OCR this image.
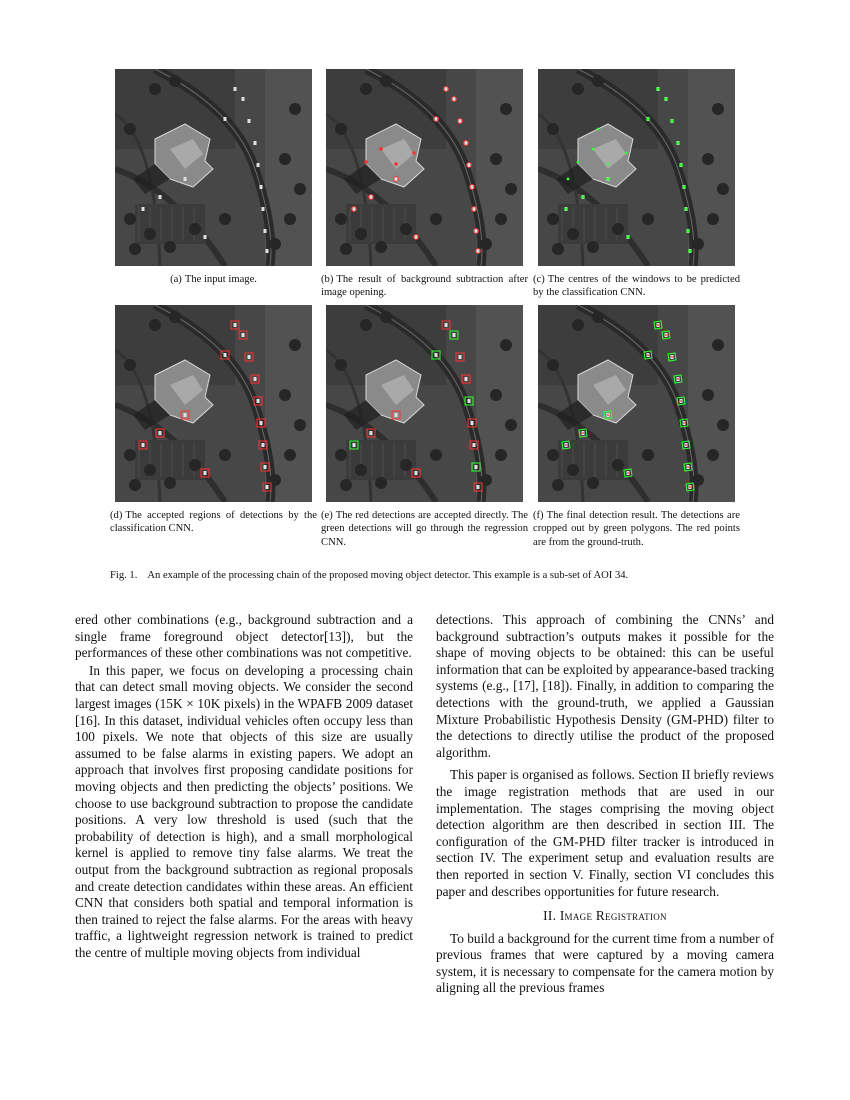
(a) The input image.	(b) The result of background subtraction after image opening.
(c) The centres of the windows to be predicted by the classification CNN.
(d) The accepted regions of detections by the classification CNN.
(e) The red detections are accepted directly. The green detections will go through the regression CNN.
(f) The final detection result. The detections are cropped out by green polygons. The red points are from the ground-truth.
Fig. 1. An example of the processing chain of the proposed moving object detector. This example is a sub-set of AOI 34.

ered other combinations (e.g., background subtraction and a single frame foreground object detector[13]), but the performances of these other combinations was not competitive.

In this paper, we focus on developing a processing chain that can detect small moving objects. We consider the second largest images (15K × 10K pixels) in the WPAFB 2009 dataset [16]. In this dataset, individual vehicles often occupy less than 100 pixels. We note that objects of this size are usually assumed to be false alarms in existing papers. We adopt an approach that involves first proposing candidate positions for moving objects and then predicting the objects’ positions. We choose to use background subtraction to propose the candidate positions. A very low threshold is used (such that the probability of detection is high), and a small morphological kernel is applied to remove tiny false alarms. We treat the output from the background subtraction as regional proposals and create detection candidates within these areas. An efficient CNN that considers both spatial and temporal information is then trained to reject the false alarms. For the areas with heavy traffic, a lightweight regression network is trained to predict the centre of multiple moving objects from individual

detections. This approach of combining the CNNs’ and background subtraction’s outputs makes it possible for the shape of moving objects to be obtained: this can be useful information that can be exploited by appearance-based tracking systems (e.g., [17], [18]). Finally, in addition to comparing the detections with the ground-truth, we applied a Gaussian Mixture Probabilistic Hypothesis Density (GM-PHD) filter to the detections to directly utilise the product of the proposed algorithm.

This paper is organised as follows. Section II briefly reviews the image registration methods that are used in our implementation. The stages comprising the moving object detection algorithm are then described in section III. The configuration of the GM-PHD filter tracker is introduced in section IV. The experiment setup and evaluation results are then reported in section V. Finally, section VI concludes this paper and describes opportunities for future research.

II. Image Registration

To build a background for the current time from a number of previous frames that were captured by a moving camera system, it is necessary to compensate for the camera motion by aligning all the previous frames
